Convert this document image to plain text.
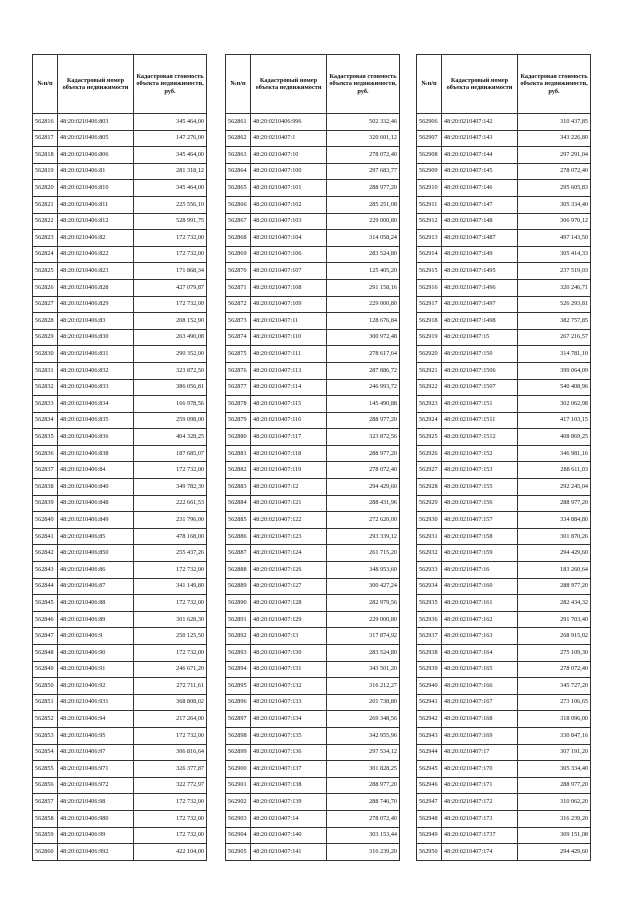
№п/п	Кадастровый номер объекта недвижимости	Кадастровая стоимость объекта недвижимости, руб.
562816	48:20:0210406:803	345 464,00
562817	48:20:0210406:805	147 276,00
562818	48:20:0210406:806	345 464,00
562819	48:20:0210406:81	281 318,12
562820	48:20:0210406:810	345 464,00
562821	48:20:0210406:811	225 556,10
562822	48:20:0210406:812	528 991,75
562823	48:20:0210406:82	172 732,00
562824	48:20:0210406:822	172 732,00
562825	48:20:0210406:823	171 868,34
562826	48:20:0210406:828	427 079,87
562827	48:20:0210406:829	172 732,00
562828	48:20:0210406:83	208 152,90
562829	48:20:0210406:830	263 490,08
562830	48:20:0210406:831	290 352,00
562831	48:20:0210406:832	323 872,50
562832	48:20:0210406:833	386 056,81
562833	48:20:0210406:834	166 978,56
562834	48:20:0210406:835	259 098,00
562835	48:20:0210406:836	404 328,25
562836	48:20:0210406:838	187 685,07
562837	48:20:0210406:84	172 732,00
562838	48:20:0210406:840	349 782,30
562839	48:20:0210406:848	222 661,53
562840	48:20:0210406:849	231 796,00
562841	48:20:0210406:85	478 168,00
562842	48:20:0210406:850	255 437,26
562843	48:20:0210406:86	172 732,00
562844	48:20:0210406:87	341 149,80
562845	48:20:0210406:88	172 732,00
562846	48:20:0210406:89	301 628,30
562847	48:20:0210406:9	250 125,50
562848	48:20:0210406:90	172 732,00
562849	48:20:0210406:91	246 671,20
562850	48:20:0210406:92	272 711,61
562851	48:20:0210406:931	368 808,02
562852	48:20:0210406:94	217 264,00
562853	48:20:0210406:95	172 732,00
562854	48:20:0210406:97	306 816,64
562855	48:20:0210406:971	326 377,87
562856	48:20:0210406:972	322 772,97
562857	48:20:0210406:98	172 732,00
562858	48:20:0210406:980	172 732,00
562859	48:20:0210406:99	172 732,00
562860	48:20:0210406:992	422 104,00
№п/п	Кадастровый номер объекта недвижимости	Кадастровая стоимость объекта недвижимости, руб.
562861	48:20:0210406:996	502 332,46
562862	48:20:0210407:1	320 601,12
562863	48:20:0210407:10	278 072,40
562864	48:20:0210407:100	297 683,77
562865	48:20:0210407:101	288 977,20
562866	48:20:0210407:102	285 251,08
562867	48:20:0210407:103	229 000,80
562868	48:20:0210407:104	314 058,24
562869	48:20:0210407:106	283 524,80
562870	48:20:0210407:107	125 405,20
562871	48:20:0210407:108	291 158,16
562872	48:20:0210407:109	229 000,80
562873	48:20:0210407:11	128 676,84
562874	48:20:0210407:110	300 972,48
562875	48:20:0210407:111	278 617,64
562876	48:20:0210407:113	287 886,72
562877	48:20:0210407:114	246 993,72
562878	48:20:0210407:115	145 490,88
562879	48:20:0210407:116	288 977,20
562880	48:20:0210407:117	323 872,56
562881	48:20:0210407:118	288 977,20
562882	48:20:0210407:119	278 072,40
562883	48:20:0210407:12	294 429,60
562884	48:20:0210407:121	288 431,96
562885	48:20:0210407:122	272 620,00
562886	48:20:0210407:123	293 339,12
562887	48:20:0210407:124	261 715,20
562888	48:20:0210407:126	348 953,60
562889	48:20:0210407:127	300 427,24
562890	48:20:0210407:128	282 979,56
562891	48:20:0210407:129	229 000,80
562892	48:20:0210407:13	317 874,92
562893	48:20:0210407:130	283 524,80
562894	48:20:0210407:131	343 501,20
562895	48:20:0210407:132	316 212,27
562896	48:20:0210407:133	201 738,80
562897	48:20:0210407:134	269 348,56
562898	48:20:0210407:135	342 955,96
562899	48:20:0210407:136	297 534,12
562900	48:20:0210407:137	301 828,25
562901	48:20:0210407:138	288 977,20
562902	48:20:0210407:139	288 746,70
562903	48:20:0210407:14	278 072,40
562904	48:20:0210407:140	303 153,44
562905	48:20:0210407:141	316 239,20
№п/п	Кадастровый номер объекта недвижимости	Кадастровая стоимость объекта недвижимости, руб.
562906	48:20:0210407:142	310 437,85
562907	48:20:0210407:143	343 226,80
562908	48:20:0210407:144	297 291,04
562909	48:20:0210407:145	278 072,40
562910	48:20:0210407:146	295 605,83
562911	48:20:0210407:147	305 334,40
562912	48:20:0210407:148	306 970,12
562913	48:20:0210407:1487	497 143,50
562914	48:20:0210407:149	305 414,33
562915	48:20:0210407:1495	237 519,03
562916	48:20:0210407:1496	320 246,71
562917	48:20:0210407:1497	526 293,81
562918	48:20:0210407:1498	382 757,85
562919	48:20:0210407:15	267 216,57
562920	48:20:0210407:150	314 781,10
562921	48:20:0210407:1506	399 064,09
562922	48:20:0210407:1507	540 408,96
562923	48:20:0210407:151	302 062,98
562924	48:20:0210407:1511	417 103,15
562925	48:20:0210407:1512	408 869,25
562926	48:20:0210407:152	346 981,16
562927	48:20:0210407:153	288 611,03
562928	48:20:0210407:155	292 245,04
562929	48:20:0210407:156	288 977,20
562930	48:20:0210407:157	334 884,80
562931	48:20:0210407:158	301 870,26
562932	48:20:0210407:159	294 429,60
562933	48:20:0210407:16	183 260,64
562934	48:20:0210407:160	288 977,20
562935	48:20:0210407:161	282 434,32
562936	48:20:0210407:162	291 703,40
562937	48:20:0210407:163	268 915,02
562938	48:20:0210407:164	275 109,30
562939	48:20:0210407:165	278 072,40
562940	48:20:0210407:166	345 727,20
562941	48:20:0210407:167	273 106,65
562942	48:20:0210407:168	318 096,00
562943	48:20:0210407:169	330 847,16
562944	48:20:0210407:17	307 191,20
562945	48:20:0210407:170	305 334,40
562946	48:20:0210407:171	288 977,20
562947	48:20:0210407:172	310 062,20
562948	48:20:0210407:173	316 239,20
562949	48:20:0210407:1737	309 151,08
562950	48:20:0210407:174	294 429,60
